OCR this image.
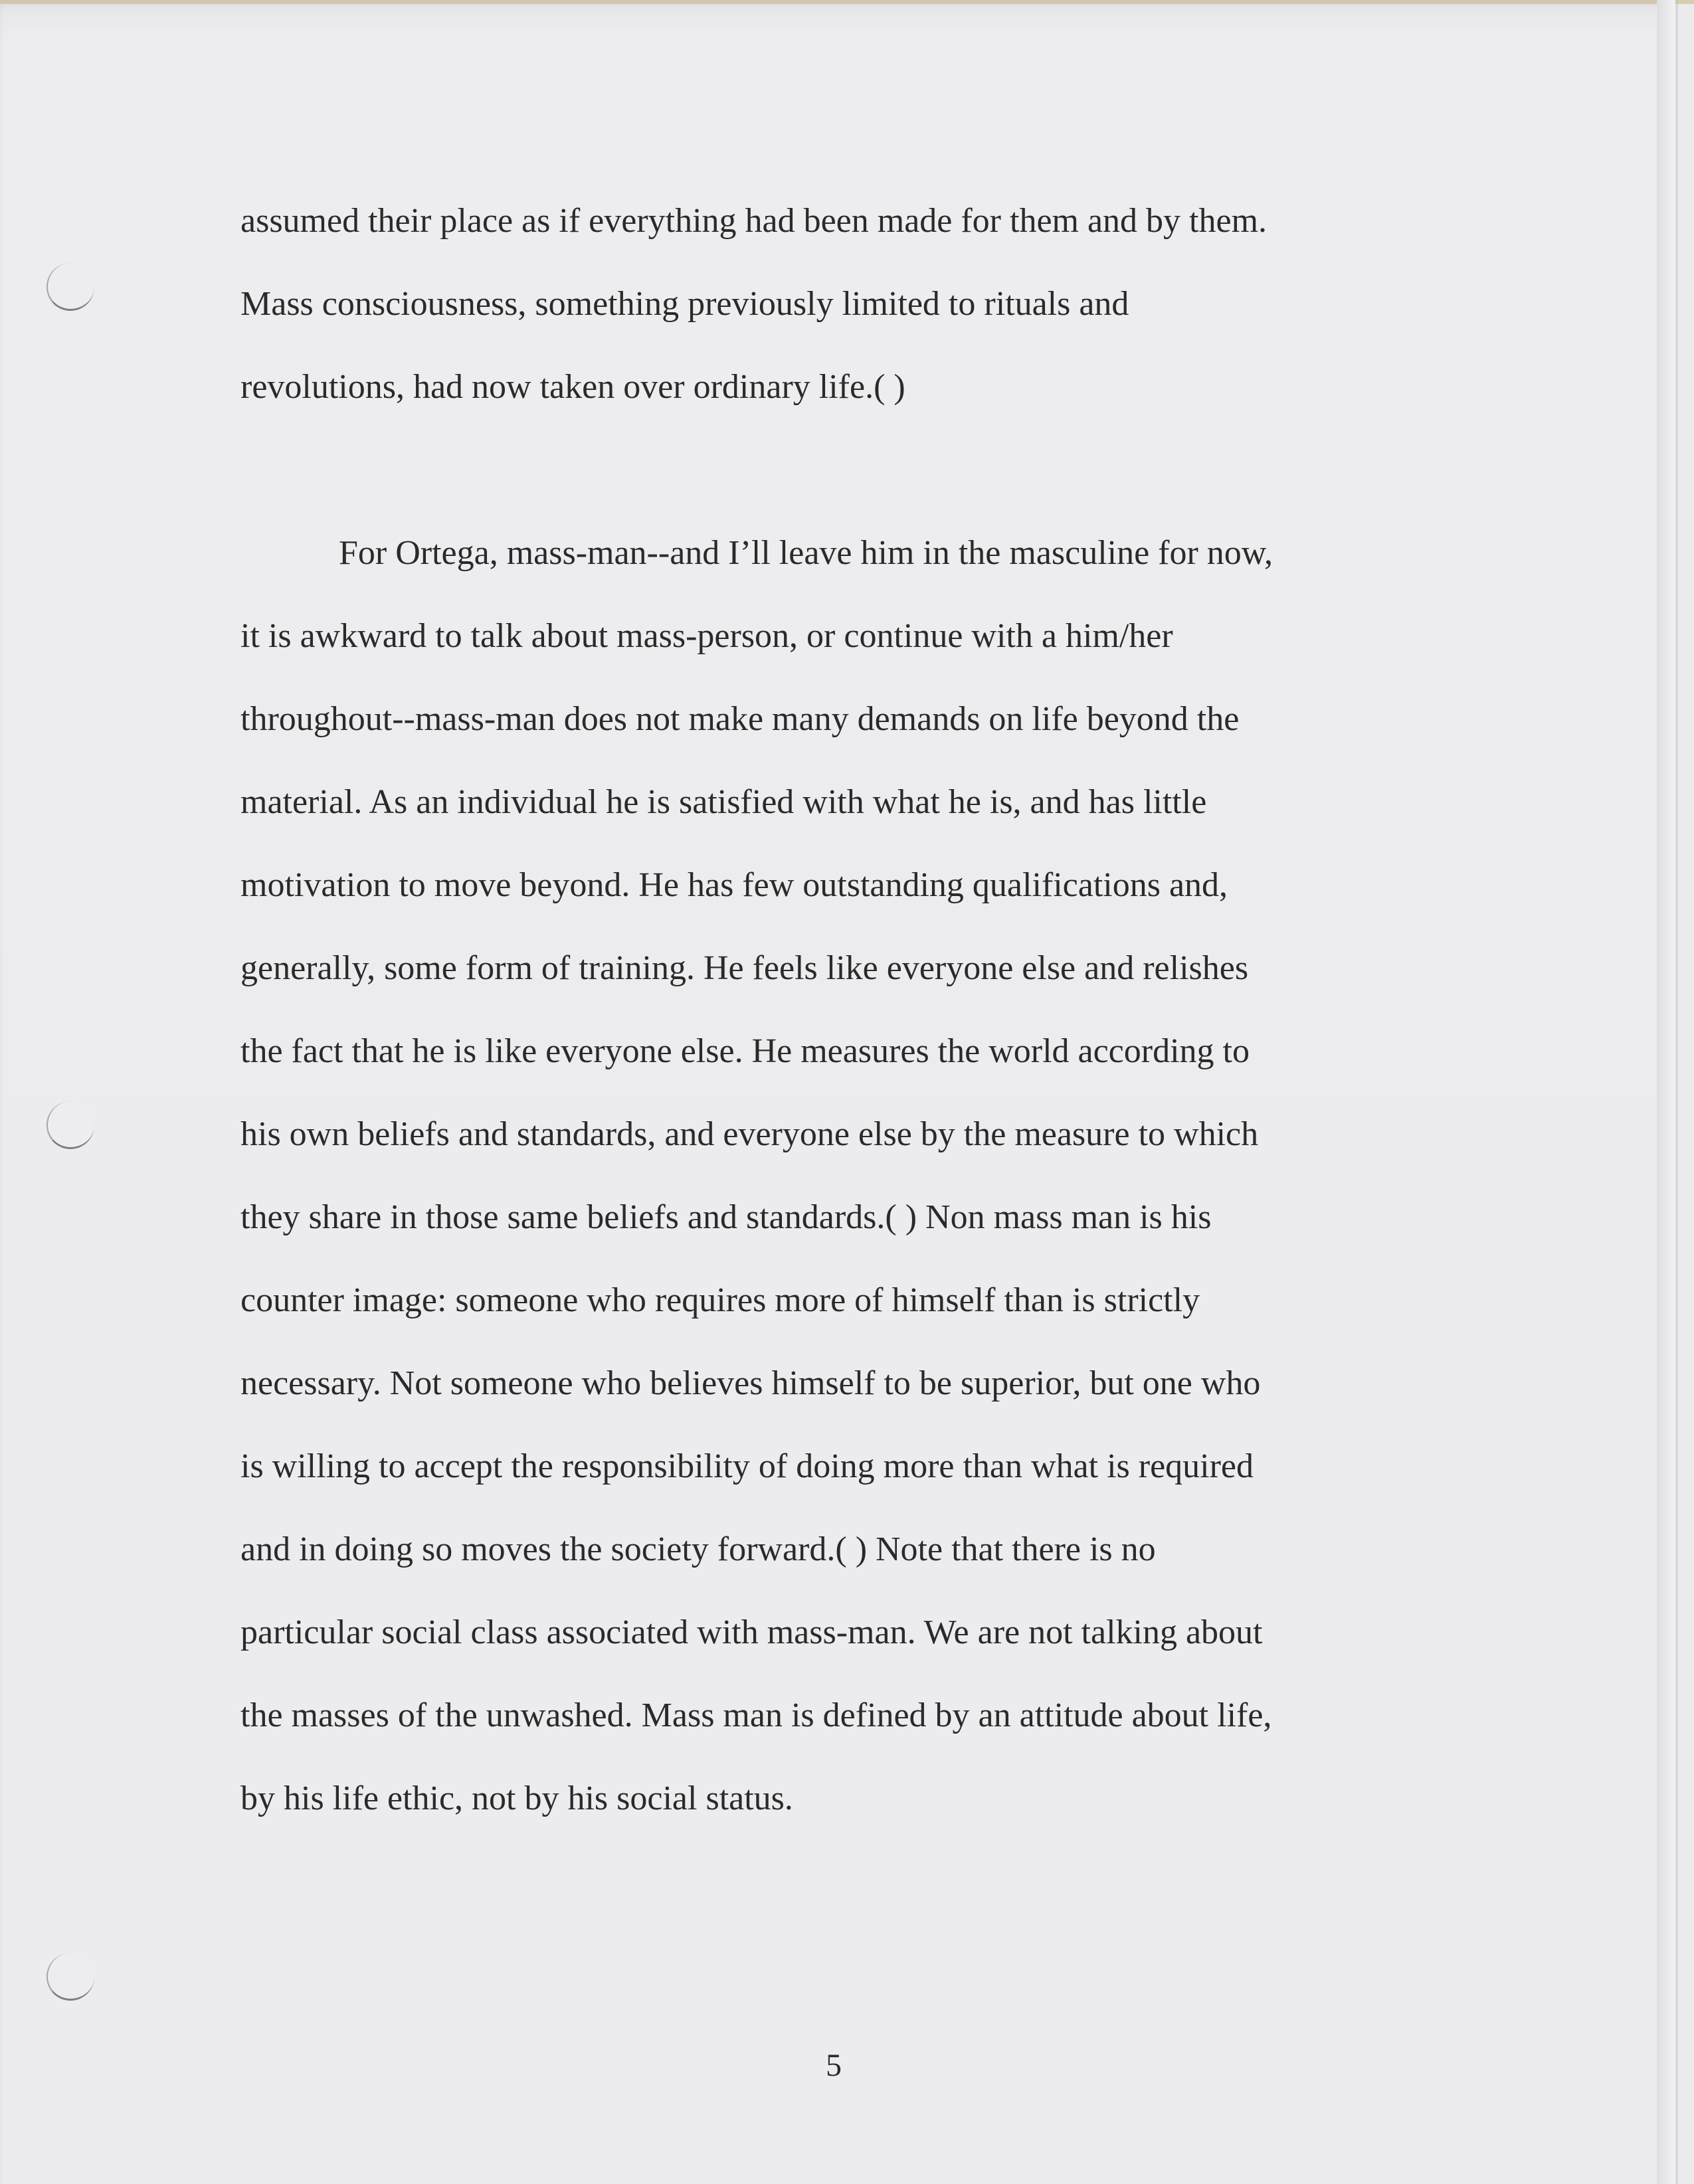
assumed their place as if everything had been made for them and by them.
Mass consciousness, something previously limited to rituals and
revolutions, had now taken over ordinary life.( )

For Ortega, mass-man--and I’ll leave him in the masculine for now,
it is awkward to talk about mass-person, or continue with a him/her
throughout--mass-man does not make many demands on life beyond the
material. As an individual he is satisfied with what he is, and has little
motivation to move beyond. He has few outstanding qualifications and,
generally, some form of training. He feels like everyone else and relishes
the fact that he is like everyone else. He measures the world according to
his own beliefs and standards, and everyone else by the measure to which
they share in those same beliefs and standards.( ) Non mass man is his
counter image: someone who requires more of himself than is strictly
necessary. Not someone who believes himself to be superior, but one who
is willing to accept the responsibility of doing more than what is required
and in doing so moves the society forward.( ) Note that there is no
particular social class associated with mass-man. We are not talking about
the masses of the unwashed. Mass man is defined by an attitude about life,
by his life ethic, not by his social status.

5
